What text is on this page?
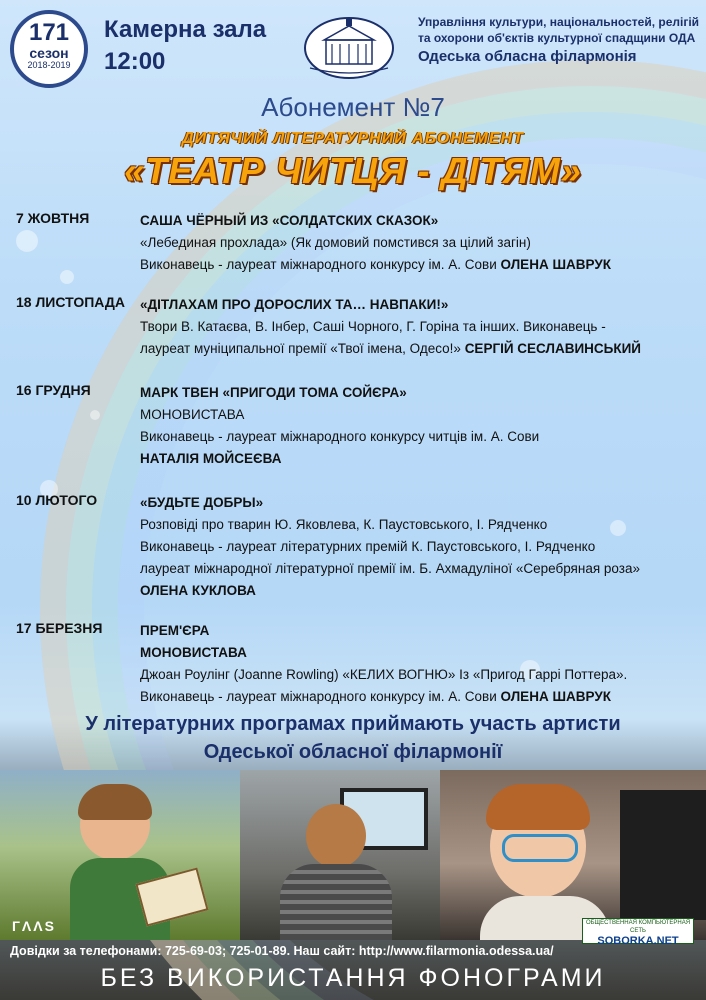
171
сезон
2018-2019
Камерна зала
12:00
Управління культури, національностей, релігій
та охорони об'єктів культурної спадщини ОДА
Одеська обласна філармонія
Абонемент №7
ДИТЯЧИЙ ЛІТЕРАТУРНИЙ АБОНЕМЕНТ
«ТЕАТР ЧИТЦЯ - ДІТЯМ»
7 ЖОВТНЯ	САША ЧЁРНЫЙ ИЗ «СОЛДАТСКИХ СКАЗОК»
«Лебединая прохлада» (Як домовий помстився за цілий загін)
Виконавець - лауреат міжнародного конкурсу ім. А. Сови ОЛЕНА ШАВРУК
18 ЛИСТОПАДА «ДІТЛАХАМ ПРО ДОРОСЛИХ ТА… НАВПАКИ!»
Твори В. Катаєва, В. Інбер, Саші Чорного, Г. Горіна та інших. Виконавець -
лауреат муніципальної премії «Твої імена, Одесо!» СЕРГІЙ СЕСЛАВИНСЬКИЙ
16 ГРУДНЯ	МАРК ТВЕН «ПРИГОДИ ТОМА СОЙЄРА»
МОНОВИСТАВА
Виконавець - лауреат міжнародного конкурсу читців ім. А. Сови
НАТАЛІЯ МОЙСЕЄВА
10 ЛЮТОГО	«БУДЬТЕ ДОБРЫ»
Розповіді про тварин Ю. Яковлева, К. Паустовського, І. Рядченко
Виконавець - лауреат літературних премій К. Паустовського, І. Рядченко
лауреат міжнародної літературної премії ім. Б. Ахмадуліної «Серебряная роза»
ОЛЕНА КУКЛОВА
17 БЕРЕЗНЯ	ПРЕМ'ЄРА
МОНОВИСТАВА
Джоан Роулінг (Joanne Rowling) «КЕЛИХ ВОГНЮ» Із «Пригод Гаррі Поттера».
Виконавець - лауреат міжнародного конкурсу ім. А. Сови ОЛЕНА ШАВРУК
У літературних програмах приймають участь артисти
Одеської обласної філармонії
ГΛΛS	ОБЩЕСТВЕННАЯ КОМПЬЮТЕРНАЯ СЕТЬ
SOBORKA.NET
Довідки за телефонами: 725-69-03; 725-01-89. Наш сайт: http://www.filarmonia.odessa.ua/
БЕЗ ВИКОРИСТАННЯ ФОНОГРАМИ
